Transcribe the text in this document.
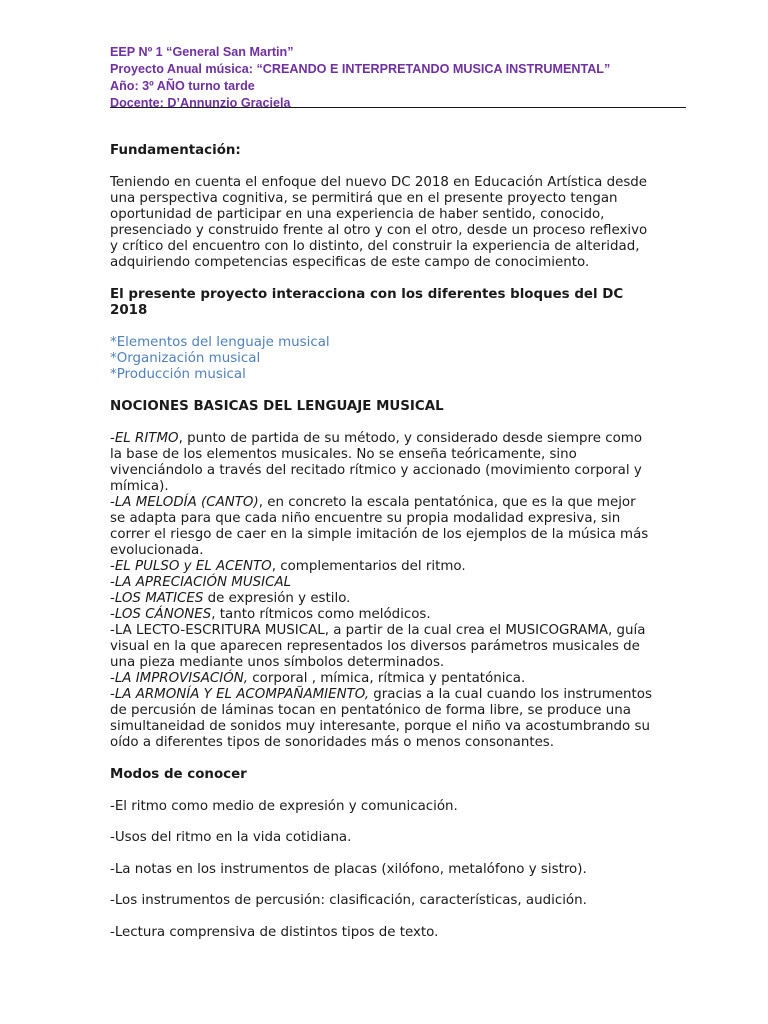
EEP Nº 1 “General San Martin”
Proyecto Anual música: “CREANDO E INTERPRETANDO MUSICA INSTRUMENTAL”
Año: 3º AÑO turno tarde
Docente: D’Annunzio Graciela

Fundamentación:

Teniendo en cuenta el enfoque del nuevo DC 2018 en Educación Artística desde

una perspectiva cognitiva, se permitirá que en el presente proyecto tengan

oportunidad de participar en una experiencia de haber sentido, conocido,

presenciado y construido frente al otro y con el otro, desde un proceso reflexivo

y crítico del encuentro con lo distinto, del construir la experiencia de alteridad,

adquiriendo competencias especificas de este campo de conocimiento.

El presente proyecto interacciona con los diferentes bloques del DC

2018

*Elementos del lenguaje musical

*Organización musical

*Producción musical

NOCIONES BASICAS DEL LENGUAJE MUSICAL

-EL RITMO, punto de partida de su método, y considerado desde siempre como

la base de los elementos musicales. No se enseña teóricamente, sino

vivenciándolo a través del recitado rítmico y accionado (movimiento corporal y

mímica).

-LA MELODÍA (CANTO), en concreto la escala pentatónica, que es la que mejor

se adapta para que cada niño encuentre su propia modalidad expresiva, sin

correr el riesgo de caer en la simple imitación de los ejemplos de la música más

evolucionada.

-EL PULSO y EL ACENTO, complementarios del ritmo.

-LA APRECIACIÓN MUSICAL

-LOS MATICES de expresión y estilo.

-LOS CÁNONES, tanto rítmicos como melódicos.

-LA LECTO-ESCRITURA MUSICAL, a partir de la cual crea el MUSICOGRAMA, guía

visual en la que aparecen representados los diversos parámetros musicales de

una pieza mediante unos símbolos determinados.

-LA IMPROVISACIÓN, corporal , mímica, rítmica y pentatónica.

-LA ARMONÍA Y EL ACOMPAÑAMIENTO, gracias a la cual cuando los instrumentos

de percusión de láminas tocan en pentatónico de forma libre, se produce una

simultaneidad de sonidos muy interesante, porque el niño va acostumbrando su

oído a diferentes tipos de sonoridades más o menos consonantes.

Modos de conocer

-El ritmo como medio de expresión y comunicación.

-Usos del ritmo en la vida cotidiana.

-La notas en los instrumentos de placas (xilófono, metalófono y sistro).

-Los instrumentos de percusión: clasificación, características, audición.

-Lectura comprensiva de distintos tipos de texto.
